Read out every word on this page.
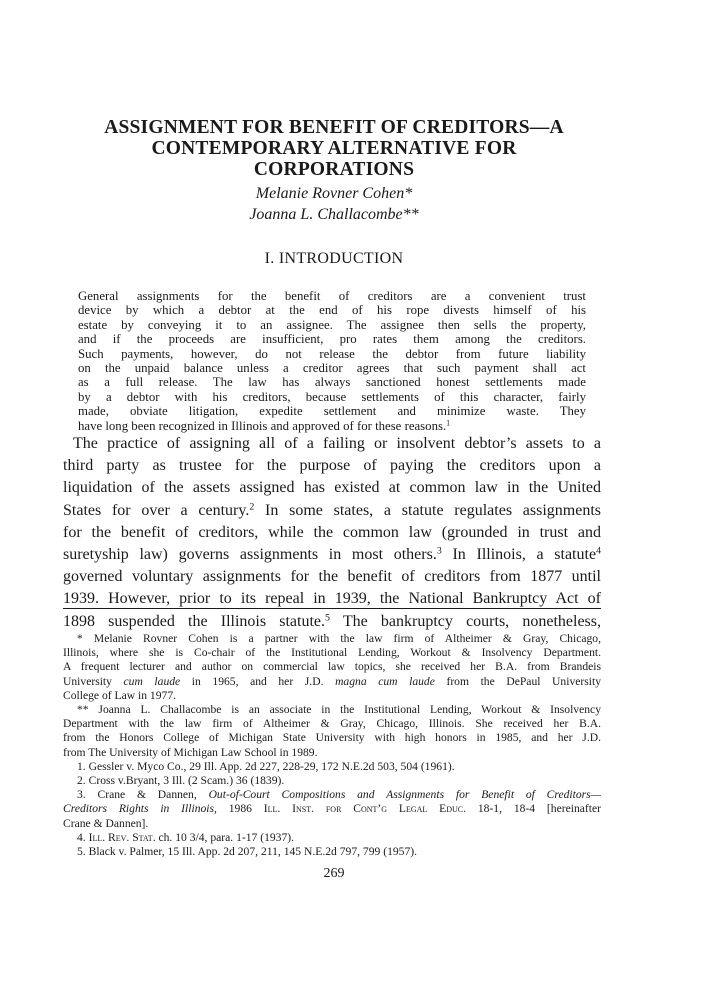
ASSIGNMENT FOR BENEFIT OF CREDITORS—A
CONTEMPORARY ALTERNATIVE FOR
CORPORATIONS
Melanie Rovner Cohen*
Joanna L. Challacombe**
I. INTRODUCTION
General assignments for the benefit of creditors are a convenient trust
device by which a debtor at the end of his rope divests himself of his
estate by conveying it to an assignee. The assignee then sells the property,
and if the proceeds are insufficient, pro rates them among the creditors.
Such payments, however, do not release the debtor from future liability
on the unpaid balance unless a creditor agrees that such payment shall act
as a full release. The law has always sanctioned honest settlements made
by a debtor with his creditors, because settlements of this character, fairly
made, obviate litigation, expedite settlement and minimize waste. They
have long been recognized in Illinois and approved of for these reasons.$^1$
The practice of assigning all of a failing or insolvent debtor’s assets to a
third party as trustee for the purpose of paying the creditors upon a
liquidation of the assets assigned has existed at common law in the United
States for over a century.$^2$ In some states, a statute regulates assignments
for the benefit of creditors, while the common law (grounded in trust and
suretyship law) governs assignments in most others.$^3$ In Illinois, a statute$^4$
governed voluntary assignments for the benefit of creditors from 1877 until
1939. However, prior to its repeal in 1939, the National Bankruptcy Act of
1898 suspended the Illinois statute.$^5$ The bankruptcy courts, nonetheless,
* Melanie Rovner Cohen is a partner with the law firm of Altheimer & Gray, Chicago,
Illinois, where she is Co-chair of the Institutional Lending, Workout & Insolvency Department.
A frequent lecturer and author on commercial law topics, she received her B.A. from Brandeis
University cum laude in 1965, and her J.D. magna cum laude from the DePaul University
College of Law in 1977.
** Joanna L. Challacombe is an associate in the Institutional Lending, Workout & Insolvency
Department with the law firm of Altheimer & Gray, Chicago, Illinois. She received her B.A.
from the Honors College of Michigan State University with high honors in 1985, and her J.D.
from The University of Michigan Law School in 1989.
1. Gessler v. Myco Co., 29 Ill. App. 2d 227, 228-29, 172 N.E.2d 503, 504 (1961).
2. Cross v.Bryant, 3 Ill. (2 Scam.) 36 (1839).
3. Crane & Dannen, Out-of-Court Compositions and Assignments for Benefit of Creditors—
Creditors Rights in Illinois, 1986 Ill. Inst. for Cont’g Legal Educ. 18-1, 18-4 [hereinafter
Crane & Dannen].
4. Ill. Rev. Stat. ch. 10 3/4, para. 1-17 (1937).
5. Black v. Palmer, 15 Ill. App. 2d 207, 211, 145 N.E.2d 797, 799 (1957).
269
